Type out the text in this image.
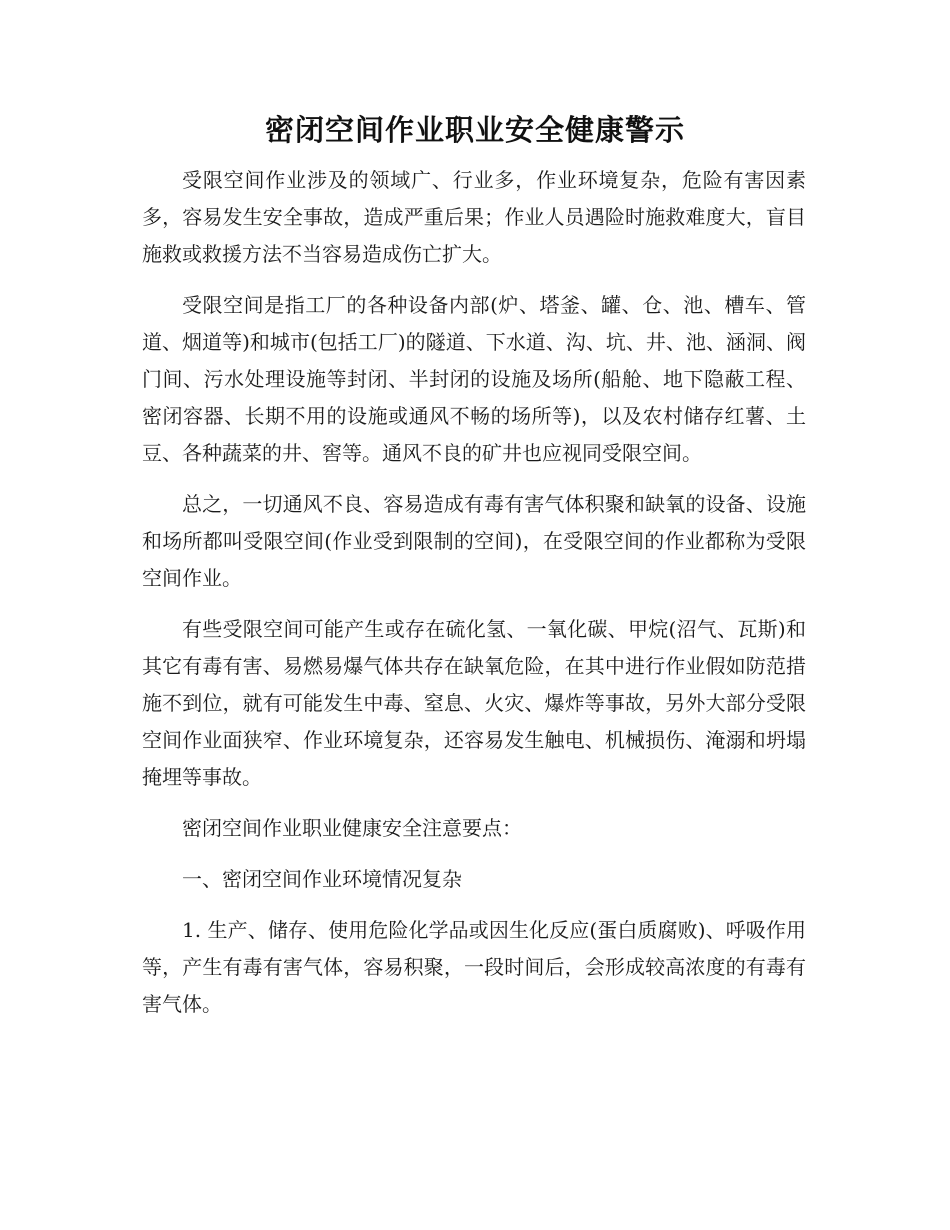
密闭空间作业职业安全健康警示

受限空间作业涉及的领域广、行业多，作业环境复杂，危险有害因素多，容易发生安全事故，造成严重后果；作业人员遇险时施救难度大，盲目施救或救援方法不当容易造成伤亡扩大。

受限空间是指工厂的各种设备内部(炉、塔釜、罐、仓、池、槽车、管道、烟道等)和城市(包括工厂)的隧道、下水道、沟、坑、井、池、涵洞、阀门间、污水处理设施等封闭、半封闭的设施及场所(船舱、地下隐蔽工程、密闭容器、长期不用的设施或通风不畅的场所等)，以及农村储存红薯、土豆、各种蔬菜的井、窖等。通风不良的矿井也应视同受限空间。

总之，一切通风不良、容易造成有毒有害气体积聚和缺氧的设备、设施和场所都叫受限空间(作业受到限制的空间)，在受限空间的作业都称为受限空间作业。

有些受限空间可能产生或存在硫化氢、一氧化碳、甲烷(沼气、瓦斯)和其它有毒有害、易燃易爆气体共存在缺氧危险，在其中进行作业假如防范措施不到位，就有可能发生中毒、窒息、火灾、爆炸等事故，另外大部分受限空间作业面狭窄、作业环境复杂，还容易发生触电、机械损伤、淹溺和坍塌掩埋等事故。

密闭空间作业职业健康安全注意要点：

一、密闭空间作业环境情况复杂

1. 生产、储存、使用危险化学品或因生化反应(蛋白质腐败)、呼吸作用等，产生有毒有害气体，容易积聚，一段时间后，会形成较高浓度的有毒有害气体。
